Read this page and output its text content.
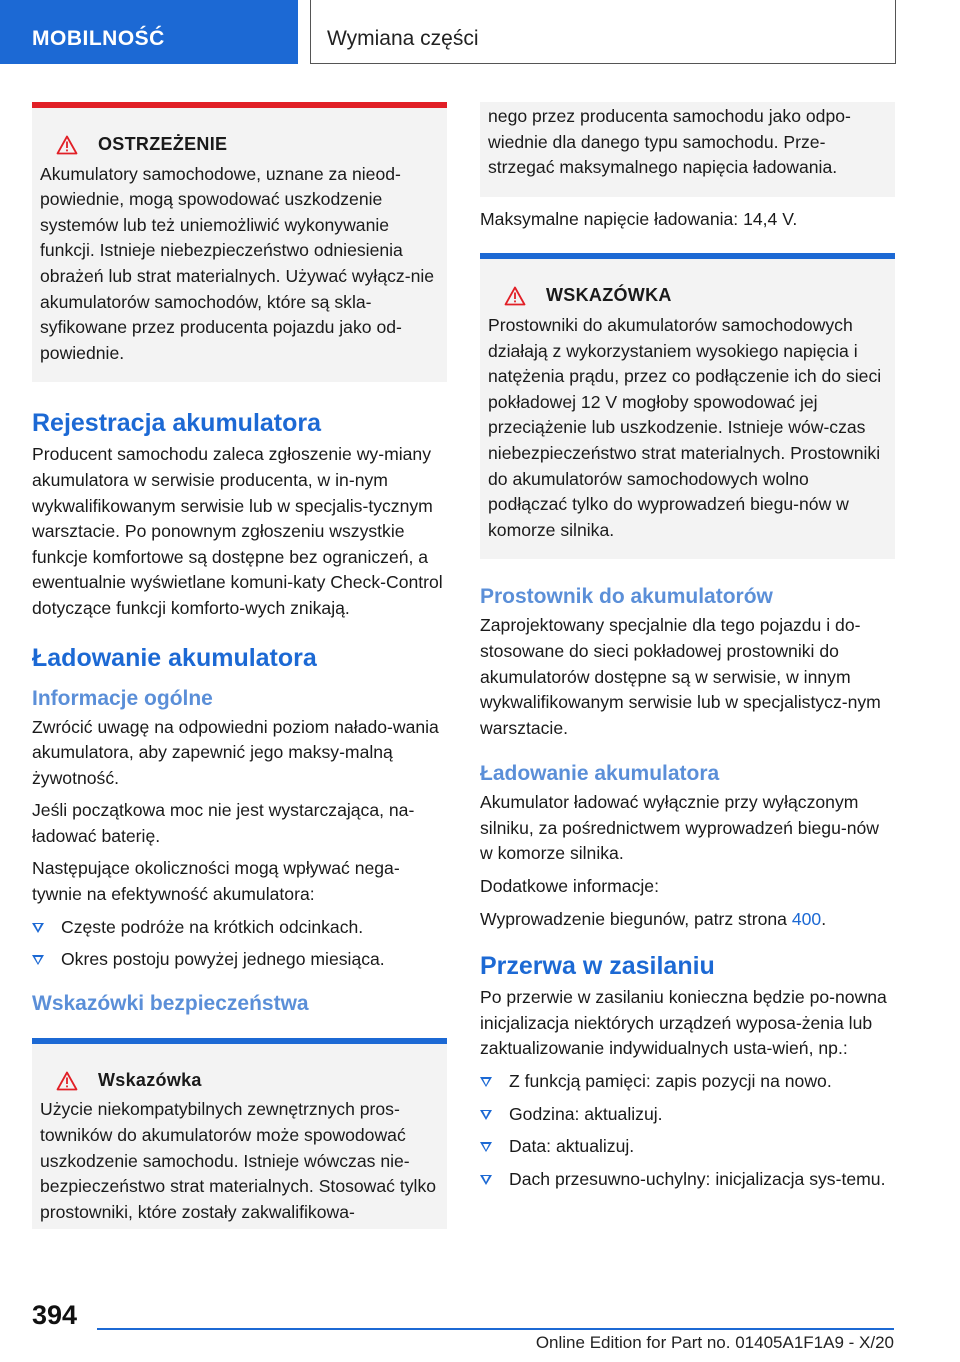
MOBILNOŚĆ	Wymiana części
OSTRZEŻENIE

Akumulatory samochodowe, uznane za nieod-powiednie, mogą spowodować uszkodzenie systemów lub też uniemożliwić wykonywanie funkcji. Istnieje niebezpieczeństwo odniesienia obrażeń lub strat materialnych. Używać wyłącz-nie akumulatorów samochodów, które są skla-syfikowane przez producenta pojazdu jako od-powiednie.

Rejestracja akumulatora

Producent samochodu zaleca zgłoszenie wy-miany akumulatora w serwisie producenta, w in-nym wykwalifikowanym serwisie lub w specjalis-tycznym warsztacie. Po ponownym zgłoszeniu wszystkie funkcje komfortowe są dostępne bez ograniczeń, a ewentualnie wyświetlane komuni-katy Check-Control dotyczące funkcji komforto-wych znikają.

Ładowanie akumulatora
Informacje ogólne

Zwrócić uwagę na odpowiedni poziom nałado-wania akumulatora, aby zapewnić jego maksy-malną żywotność.

Jeśli początkowa moc nie jest wystarczająca, na-ładować baterię.

Następujące okoliczności mogą wpływać nega-tywnie na efektywność akumulatora:

Częste podróże na krótkich odcinkach.
Okres postoju powyżej jednego miesiąca.
Wskazówki bezpieczeństwa
Wskazówka

Użycie niekompatybilnych zewnętrznych pros-towników do akumulatorów może spowodować uszkodzenie samochodu. Istnieje wówczas nie-bezpieczeństwo strat materialnych. Stosować tylko prostowniki, które zostały zakwalifikowa-

nego przez producenta samochodu jako odpo-wiednie dla danego typu samochodu. Prze-strzegać maksymalnego napięcia ładowania.

Maksymalne napięcie ładowania: 14,4 V.

WSKAZÓWKA

Prostowniki do akumulatorów samochodowych działają z wykorzystaniem wysokiego napięcia i natężenia prądu, przez co podłączenie ich do sieci pokładowej 12 V mogłoby spowodować jej przeciążenie lub uszkodzenie. Istnieje wów-czas niebezpieczeństwo strat materialnych. Prostowniki do akumulatorów samochodowych wolno podłączać tylko do wyprowadzeń biegu-nów w komorze silnika.

Prostownik do akumulatorów

Zaprojektowany specjalnie dla tego pojazdu i do-stosowane do sieci pokładowej prostowniki do akumulatorów dostępne są w serwisie, w innym wykwalifikowanym serwisie lub w specjalistycz-nym warsztacie.

Ładowanie akumulatora

Akumulator ładować wyłącznie przy wyłączonym silniku, za pośrednictwem wyprowadzeń biegu-nów w komorze silnika.

Dodatkowe informacje:

Wyprowadzenie biegunów, patrz strona 400.

Przerwa w zasilaniu

Po przerwie w zasilaniu konieczna będzie po-nowna inicjalizacja niektórych urządzeń wyposa-żenia lub zaktualizowanie indywidualnych usta-wień, np.:

Z funkcją pamięci: zapis pozycji na nowo.
Godzina: aktualizuj.
Data: aktualizuj.
Dach przesuwno-uchylny: inicjalizacja sys-temu.
394
Online Edition for Part no. 01405A1F1A9 - X/20
